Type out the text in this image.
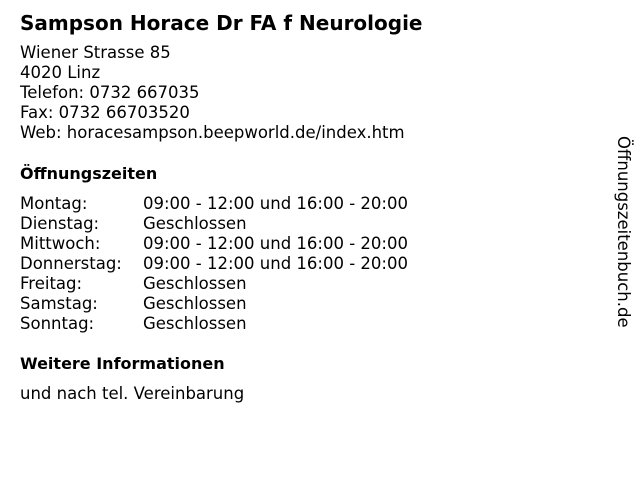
Sampson Horace Dr FA f Neurologie
Wiener Strasse 85
4020 Linz
Telefon: 0732 667035
Fax: 0732 66703520
Web: horacesampson.beepworld.de/index.htm
Öffnungszeiten
Montag:	09:00 - 12:00 und 16:00 - 20:00
Dienstag:	Geschlossen
Mittwoch:	09:00 - 12:00 und 16:00 - 20:00
Donnerstag:	09:00 - 12:00 und 16:00 - 20:00
Freitag:	Geschlossen
Samstag:	Geschlossen
Sonntag:	Geschlossen
Weitere Informationen
und nach tel. Vereinbarung
Öffnungszeitenbuch.de
